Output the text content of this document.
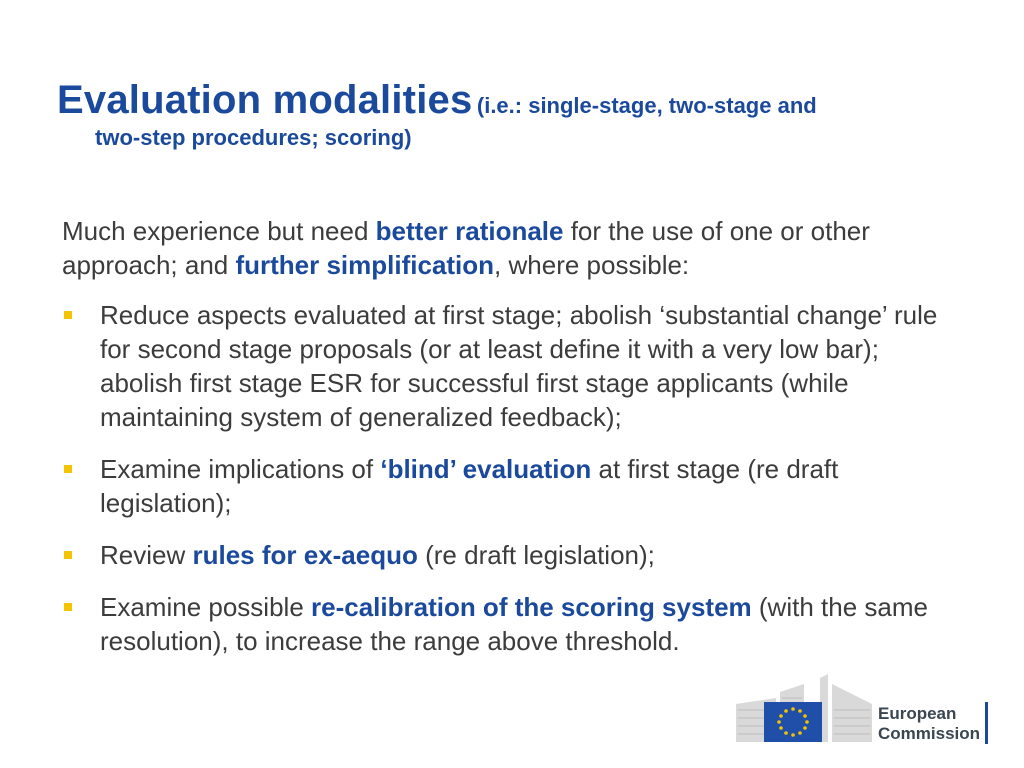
Evaluation modalities (i.e.: single-stage, two-stage and
two-step procedures; scoring)
Much experience but need better rationale for the use of one or other approach; and further simplification, where possible:
Reduce aspects evaluated at first stage; abolish ‘substantial change’ rule for second stage proposals (or at least define it with a very low bar); abolish first stage ESR for successful first stage applicants (while maintaining system of generalized feedback);
Examine implications of ‘blind’ evaluation at first stage (re draft legislation);
Review rules for ex-aequo (re draft legislation);
Examine possible re-calibration of the scoring system (with the same resolution), to increase the range above threshold.
European
Commission
